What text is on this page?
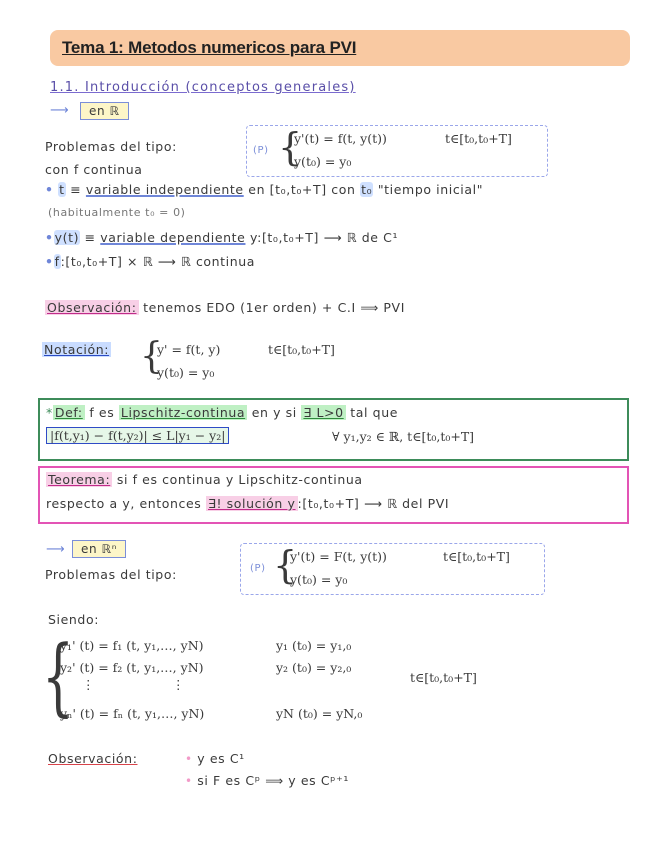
Tema 1: Metodos numericos para PVI
1.1. Introducción (conceptos generales)
⟶	en ℝ
Problemas del tipo:
con f continua
(P) {
y'(t) = f(t, y(t))	t∈[t₀,t₀+T]
y(t₀) = y₀
• t ≡ variable independiente en [t₀,t₀+T] con t₀ "tiempo inicial"
(habitualmente t₀ = 0)
•y(t) ≡ variable dependiente y:[t₀,t₀+T] ⟶ ℝ de C¹
•f:[t₀,t₀+T] × ℝ ⟶ ℝ continua
Observación: tenemos EDO (1er orden) + C.I ⟹ PVI
Notación: {
y' = f(t, y)	t∈[t₀,t₀+T]
y(t₀) = y₀
* Def: f es Lipschitz-continua en y si ∃ L>0 tal que
|f(t,y₁) − f(t,y₂)| ≤ L|y₁ − y₂|	∀ y₁,y₂ ∈ ℝ, t∈[t₀,t₀+T]
Teorema: si f es continua y Lipschitz-continua
respecto a y, entonces ∃! solución y :[t₀,t₀+T] ⟶ ℝ del PVI
⟶	en ℝⁿ
Problemas del tipo:	(P) {
y'(t) = F(t, y(t))	t∈[t₀,t₀+T]
y(t₀) = y₀
Siendo:
{
y₁' (t) = f₁ (t, y₁,…, yN)	y₁ (t₀) = y₁,₀
y₂' (t) = f₂ (t, y₁,…, yN)	y₂ (t₀) = y₂,₀
⋮	⋮
yₙ' (t) = fₙ (t, y₁,…, yN)	yN (t₀) = yN,₀
t∈[t₀,t₀+T]
Observación:	• y es C¹
• si F es Cᵖ ⟹ y es Cᵖ⁺¹
